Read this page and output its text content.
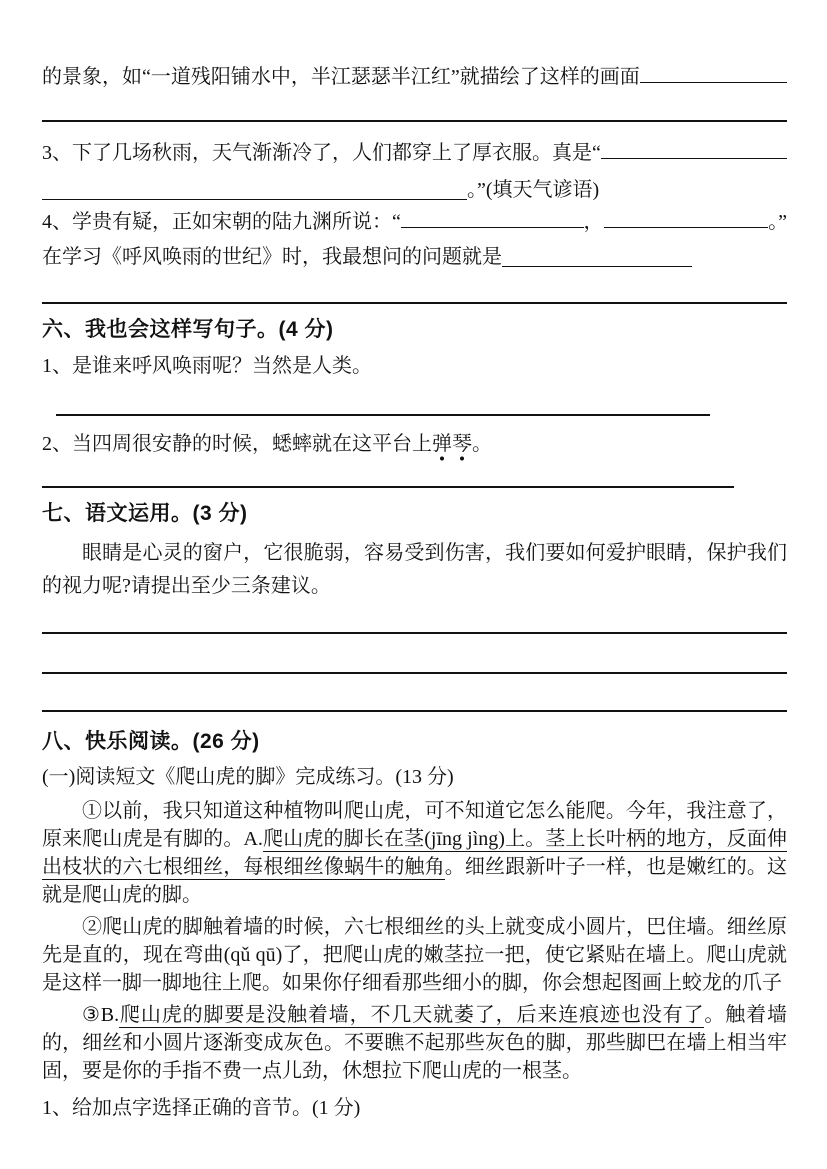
的景象，如“一道残阳铺水中，半江瑟瑟半江红”就描绘了这样的画面

3、下了几场秋雨，天气渐渐冷了，人们都穿上了厚衣服。真是“

。”(填天气谚语)

4、学贵有疑，正如宋朝的陆九渊所说：“	，	。”

在学习《呼风唤雨的世纪》时，我最想问的问题就是

六、我也会这样写句子。(4 分)

1、是谁来呼风唤雨呢？当然是人类。

2、当四周很安静的时候，蟋蟀就在这平台上弹琴。

七、语文运用。(3 分)

眼睛是心灵的窗户，它很脆弱，容易受到伤害，我们要如何爱护眼睛，保护我们的视力呢?请提出至少三条建议。

八、快乐阅读。(26 分)

(一)阅读短文《爬山虎的脚》完成练习。(13 分)

①以前，我只知道这种植物叫爬山虎，可不知道它怎么能爬。今年，我注意了，原来爬山虎是有脚的。A.爬山虎的脚长在茎(jīng jìng)上。茎上长叶柄的地方，反面伸出枝状的六七根细丝，每根细丝像蜗牛的触角。细丝跟新叶子一样，也是嫩红的。这就是爬山虎的脚。

②爬山虎的脚触着墙的时候，六七根细丝的头上就变成小圆片，巴住墙。细丝原先是直的，现在弯曲(qǔ qū)了，把爬山虎的嫩茎拉一把，使它紧贴在墙上。爬山虎就是这样一脚一脚地往上爬。如果你仔细看那些细小的脚，你会想起图画上蛟龙的爪子

③B.爬山虎的脚要是没触着墙，不几天就萎了，后来连痕迹也没有了。触着墙的，细丝和小圆片逐渐变成灰色。不要瞧不起那些灰色的脚，那些脚巴在墙上相当牢固，要是你的手指不费一点儿劲，休想拉下爬山虎的一根茎。

1、给加点字选择正确的音节。(1 分)
